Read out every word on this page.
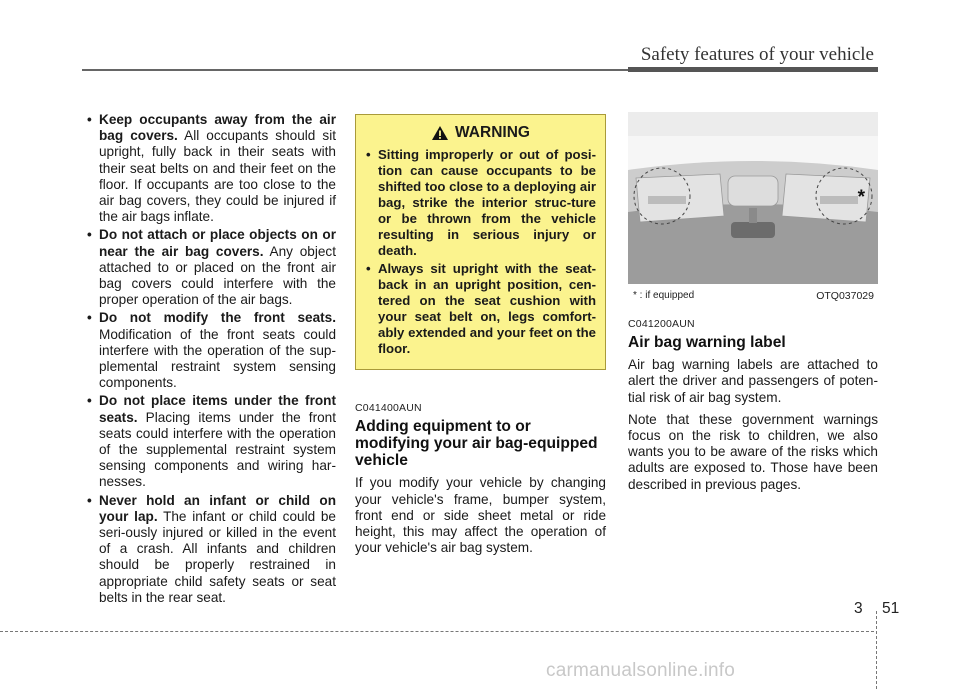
Safety features of your vehicle
• Keep occupants away from the air bag covers. All occupants should sit upright, fully back in their seats with their seat belts on and their feet on the floor. If occupants are too close to the air bag covers, they could be injured if the air bags inflate.
• Do not attach or place objects on or near the air bag covers. Any object attached to or placed on the front air bag covers could interfere with the proper operation of the air bags.
• Do not modify the front seats. Modification of the front seats could interfere with the operation of the sup-plemental restraint system sensing components.
• Do not place items under the front seats. Placing items under the front seats could interfere with the operation of the supplemental restraint system sensing components and wiring har-nesses.
• Never hold an infant or child on your lap. The infant or child could be seri-ously injured or killed in the event of a crash. All infants and children should be properly restrained in appropriate child safety seats or seat belts in the rear seat.
WARNING
• Sitting improperly or out of posi-tion can cause occupants to be shifted too close to a deploying air bag, strike the interior struc-ture or be thrown from the vehicle resulting in serious injury or death.
• Always sit upright with the seat-back in an upright position, cen-tered on the seat cushion with your seat belt on, legs comfort-ably extended and your feet on the floor.
C041400AUN
Adding equipment to or modifying your air bag-equipped vehicle

If you modify your vehicle by changing your vehicle's frame, bumper system, front end or side sheet metal or ride height, this may affect the operation of your vehicle's air bag system.

*
* : if equipped	OTQ037029
C041200AUN
Air bag warning label

Air bag warning labels are attached to alert the driver and passengers of poten-tial risk of air bag system.

Note that these government warnings focus on the risk to children, we also wants you to be aware of the risks which adults are exposed to. Those have been described in previous pages.

3 51
carmanualsonline.info
